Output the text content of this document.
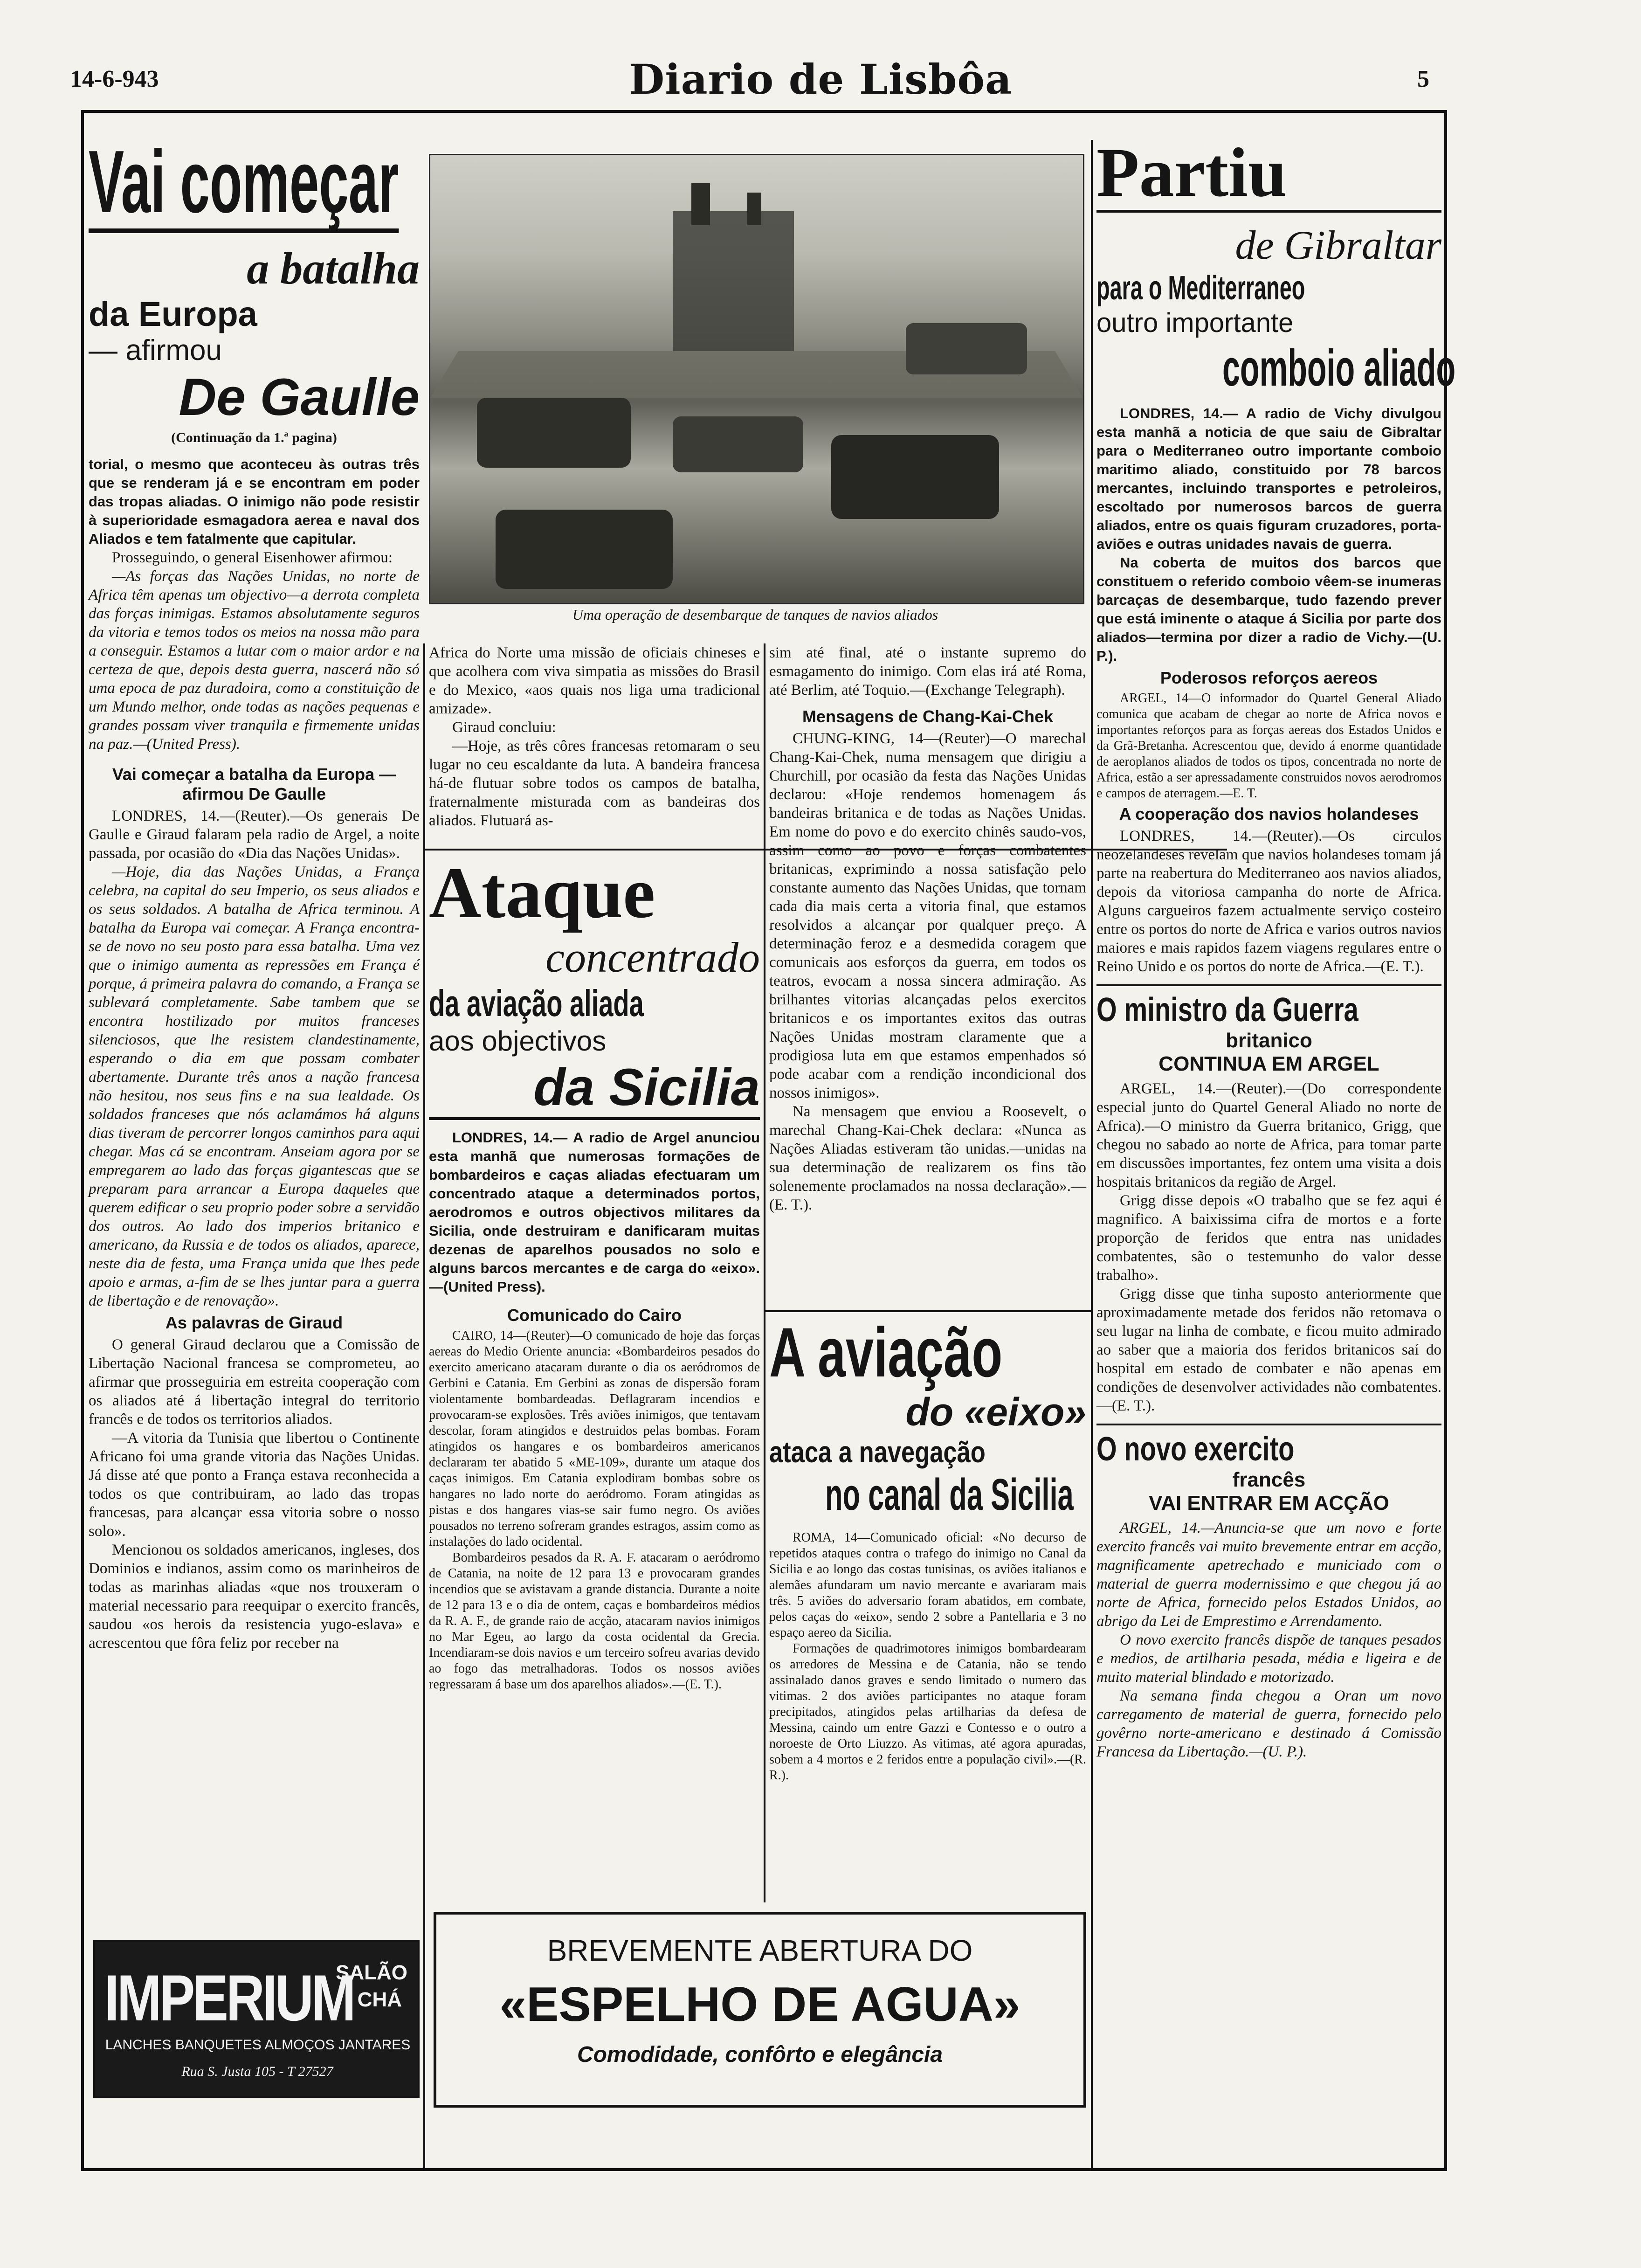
14-6-943	Diario de Lisbôa	5
Vai começar
a batalha
da Europa
— afirmou
De Gaulle
(Continuação da 1.ª pagina)

torial, o mesmo que aconteceu às outras três que se renderam já e se encontram em poder das tropas aliadas. O inimigo não pode resistir à superioridade esmagadora aerea e naval dos Aliados e tem fatalmente que capitular.

Prosseguindo, o general Eisenhower afirmou:

—As forças das Nações Unidas, no norte de Africa têm apenas um objectivo—a derrota completa das forças inimigas. Estamos absolutamente seguros da vitoria e temos todos os meios na nossa mão para a conseguir. Estamos a lutar com o maior ardor e na certeza de que, depois desta guerra, nascerá não só uma epoca de paz duradoira, como a constituição de um Mundo melhor, onde todas as nações pequenas e grandes possam viver tranquila e firmemente unidas na paz.—(United Press).

Vai começar a batalha da Europa —afirmou De Gaulle

LONDRES, 14.—(Reuter).—Os generais De Gaulle e Giraud falaram pela radio de Argel, a noite passada, por ocasião do «Dia das Nações Unidas».

—Hoje, dia das Nações Unidas, a França celebra, na capital do seu Imperio, os seus aliados e os seus soldados. A batalha de Africa terminou. A batalha da Europa vai começar. A França encontra-se de novo no seu posto para essa batalha. Uma vez que o inimigo aumenta as repressões em França é porque, á primeira palavra do comando, a França se sublevará completamente. Sabe tambem que se encontra hostilizado por muitos franceses silenciosos, que lhe resistem clandestinamente, esperando o dia em que possam combater abertamente. Durante três anos a nação francesa não hesitou, nos seus fins e na sua lealdade. Os soldados franceses que nós aclamámos há alguns dias tiveram de percorrer longos caminhos para aqui chegar. Mas cá se encontram. Anseiam agora por se empregarem ao lado das forças gigantescas que se preparam para arrancar a Europa daqueles que querem edificar o seu proprio poder sobre a servidão dos outros. Ao lado dos imperios britanico e americano, da Russia e de todos os aliados, aparece, neste dia de festa, uma França unida que lhes pede apoio e armas, a-fim de se lhes juntar para a guerra de libertação e de renovação».

As palavras de Giraud

O general Giraud declarou que a Comissão de Libertação Nacional francesa se comprometeu, ao afirmar que prosseguiria em estreita cooperação com os aliados até á libertação integral do territorio francês e de todos os territorios aliados.

—A vitoria da Tunisia que libertou o Continente Africano foi uma grande vitoria das Nações Unidas. Já disse até que ponto a França estava reconhecida a todos os que contribuiram, ao lado das tropas francesas, para alcançar essa vitoria sobre o nosso solo».

Mencionou os soldados americanos, ingleses, dos Dominios e indianos, assim como os marinheiros de todas as marinhas aliadas «que nos trouxeram o material necessario para reequipar o exercito francês, saudou «os herois da resistencia yugo-eslava» e acrescentou que fôra feliz por receber na

IMPERIUM
SALÃO
CHÁ
LANCHES BANQUETES ALMOÇOS JANTARES
Rua S. Justa 105 - T 27527
Uma operação de desembarque de tanques de navios aliados

Africa do Norte uma missão de oficiais chineses e que acolhera com viva simpatia as missões do Brasil e do Mexico, «aos quais nos liga uma tradicional amizade».

Giraud concluiu:

—Hoje, as três côres francesas retomaram o seu lugar no ceu escaldante da luta. A bandeira francesa há-de flutuar sobre todos os campos de batalha, fraternalmente misturada com as bandeiras dos aliados. Flutuará as-

Ataque
concentrado
da aviação aliada
aos objectivos
da Sicilia

LONDRES, 14.— A radio de Argel anunciou esta manhã que numerosas formações de bombardeiros e caças aliadas efectuaram um concentrado ataque a determinados portos, aerodromos e outros objectivos militares da Sicilia, onde destruiram e danificaram muitas dezenas de aparelhos pousados no solo e alguns barcos mercantes e de carga do «eixo».—(United Press).

Comunicado do Cairo

CAIRO, 14—(Reuter)—O comunicado de hoje das forças aereas do Medio Oriente anuncia: «Bombardeiros pesados do exercito americano atacaram durante o dia os aeródromos de Gerbini e Catania. Em Gerbini as zonas de dispersão foram violentamente bombardeadas. Deflagraram incendios e provocaram-se explosões. Três aviões inimigos, que tentavam descolar, foram atingidos e destruidos pelas bombas. Foram atingidos os hangares e os bombardeiros americanos declararam ter abatido 5 «ME-109», durante um ataque dos caças inimigos. Em Catania explodiram bombas sobre os hangares no lado norte do aeródromo. Foram atingidas as pistas e dos hangares vias-se sair fumo negro. Os aviões pousados no terreno sofreram grandes estragos, assim como as instalações do lado ocidental.

Bombardeiros pesados da R. A. F. atacaram o aeródromo de Catania, na noite de 12 para 13 e provocaram grandes incendios que se avistavam a grande distancia. Durante a noite de 12 para 13 e o dia de ontem, caças e bombardeiros médios da R. A. F., de grande raio de acção, atacaram navios inimigos no Mar Egeu, ao largo da costa ocidental da Grecia. Incendiaram-se dois navios e um terceiro sofreu avarias devido ao fogo das metralhadoras. Todos os nossos aviões regressaram á base um dos aparelhos aliados».—(E. T.).

sim até final, até o instante supremo do esmagamento do inimigo. Com elas irá até Roma, até Berlim, até Toquio.—(Exchange Telegraph).

Mensagens de Chang-Kai-Chek

CHUNG-KING, 14—(Reuter)—O marechal Chang-Kai-Chek, numa mensagem que dirigiu a Churchill, por ocasião da festa das Nações Unidas declarou: «Hoje rendemos homenagem ás bandeiras britanica e de todas as Nações Unidas. Em nome do povo e do exercito chinês saudo-vos, assim como ao povo e forças combatentes britanicas, exprimindo a nossa satisfação pelo constante aumento das Nações Unidas, que tornam cada dia mais certa a vitoria final, que estamos resolvidos a alcançar por qualquer preço. A determinação feroz e a desmedida coragem que comunicais aos esforços da guerra, em todos os teatros, evocam a nossa sincera admiração. As brilhantes vitorias alcançadas pelos exercitos britanicos e os importantes exitos das outras Nações Unidas mostram claramente que a prodigiosa luta em que estamos empenhados só pode acabar com a rendição incondicional dos nossos inimigos».

Na mensagem que enviou a Roosevelt, o marechal Chang-Kai-Chek declara: «Nunca as Nações Aliadas estiveram tão unidas.—unidas na sua determinação de realizarem os fins tão solenemente proclamados na nossa declaração».—(E. T.).

A aviação
do «eixo»
ataca a navegação
no canal da Sicilia

ROMA, 14—Comunicado oficial: «No decurso de repetidos ataques contra o trafego do inimigo no Canal da Sicilia e ao longo das costas tunisinas, os aviões italianos e alemães afundaram um navio mercante e avariaram mais três. 5 aviões do adversario foram abatidos, em combate, pelos caças do «eixo», sendo 2 sobre a Pantellaria e 3 no espaço aereo da Sicilia.

Formações de quadrimotores inimigos bombardearam os arredores de Messina e de Catania, não se tendo assinalado danos graves e sendo limitado o numero das vitimas. 2 dos aviões participantes no ataque foram precipitados, atingidos pelas artilharias da defesa de Messina, caindo um entre Gazzi e Contesso e o outro a noroeste de Orto Liuzzo. As vitimas, até agora apuradas, sobem a 4 mortos e 2 feridos entre a população civil».—(R. R.).

BREVEMENTE ABERTURA DO
«ESPELHO DE AGUA»
Comodidade, confôrto e elegância
Partiu
de Gibraltar
para o Mediterraneo
outro importante
comboio aliado

LONDRES, 14.— A radio de Vichy divulgou esta manhã a noticia de que saiu de Gibraltar para o Mediterraneo outro importante comboio maritimo aliado, constituido por 78 barcos mercantes, incluindo transportes e petroleiros, escoltado por numerosos barcos de guerra aliados, entre os quais figuram cruzadores, porta-aviões e outras unidades navais de guerra.

Na coberta de muitos dos barcos que constituem o referido comboio vêem-se inumeras barcaças de desembarque, tudo fazendo prever que está iminente o ataque á Sicilia por parte dos aliados—termina por dizer a radio de Vichy.—(U. P.).

Poderosos reforços aereos

ARGEL, 14—O informador do Quartel General Aliado comunica que acabam de chegar ao norte de Africa novos e importantes reforços para as forças aereas dos Estados Unidos e da Grã-Bretanha. Acrescentou que, devido á enorme quantidade de aeroplanos aliados de todos os tipos, concentrada no norte de Africa, estão a ser apressadamente construidos novos aerodromos e campos de aterragem.—E. T.

A cooperação dos navios holandeses

LONDRES, 14.—(Reuter).—Os circulos neozelandeses revelam que navios holandeses tomam já parte na reabertura do Mediterraneo aos navios aliados, depois da vitoriosa campanha do norte de Africa. Alguns cargueiros fazem actualmente serviço costeiro entre os portos do norte de Africa e varios outros navios maiores e mais rapidos fazem viagens regulares entre o Reino Unido e os portos do norte de Africa.—(E. T.).

O ministro da Guerra
britanico
CONTINUA EM ARGEL

ARGEL, 14.—(Reuter).—(Do correspondente especial junto do Quartel General Aliado no norte de Africa).—O ministro da Guerra britanico, Grigg, que chegou no sabado ao norte de Africa, para tomar parte em discussões importantes, fez ontem uma visita a dois hospitais britanicos da região de Argel.

Grigg disse depois «O trabalho que se fez aqui é magnifico. A baixissima cifra de mortos e a forte proporção de feridos que entra nas unidades combatentes, são o testemunho do valor desse trabalho».

Grigg disse que tinha suposto anteriormente que aproximadamente metade dos feridos não retomava o seu lugar na linha de combate, e ficou muito admirado ao saber que a maioria dos feridos britanicos saí do hospital em estado de combater e não apenas em condições de desenvolver actividades não combatentes.—(E. T.).

O novo exercito
francês
VAI ENTRAR EM ACÇÃO

ARGEL, 14.—Anuncia-se que um novo e forte exercito francês vai muito brevemente entrar em acção, magnificamente apetrechado e municiado com o material de guerra modernissimo e que chegou já ao norte de Africa, fornecido pelos Estados Unidos, ao abrigo da Lei de Emprestimo e Arrendamento.

O novo exercito francês dispõe de tanques pesados e medios, de artilharia pesada, média e ligeira e de muito material blindado e motorizado.

Na semana finda chegou a Oran um novo carregamento de material de guerra, fornecido pelo govêrno norte-americano e destinado á Comissão Francesa da Libertação.—(U. P.).
